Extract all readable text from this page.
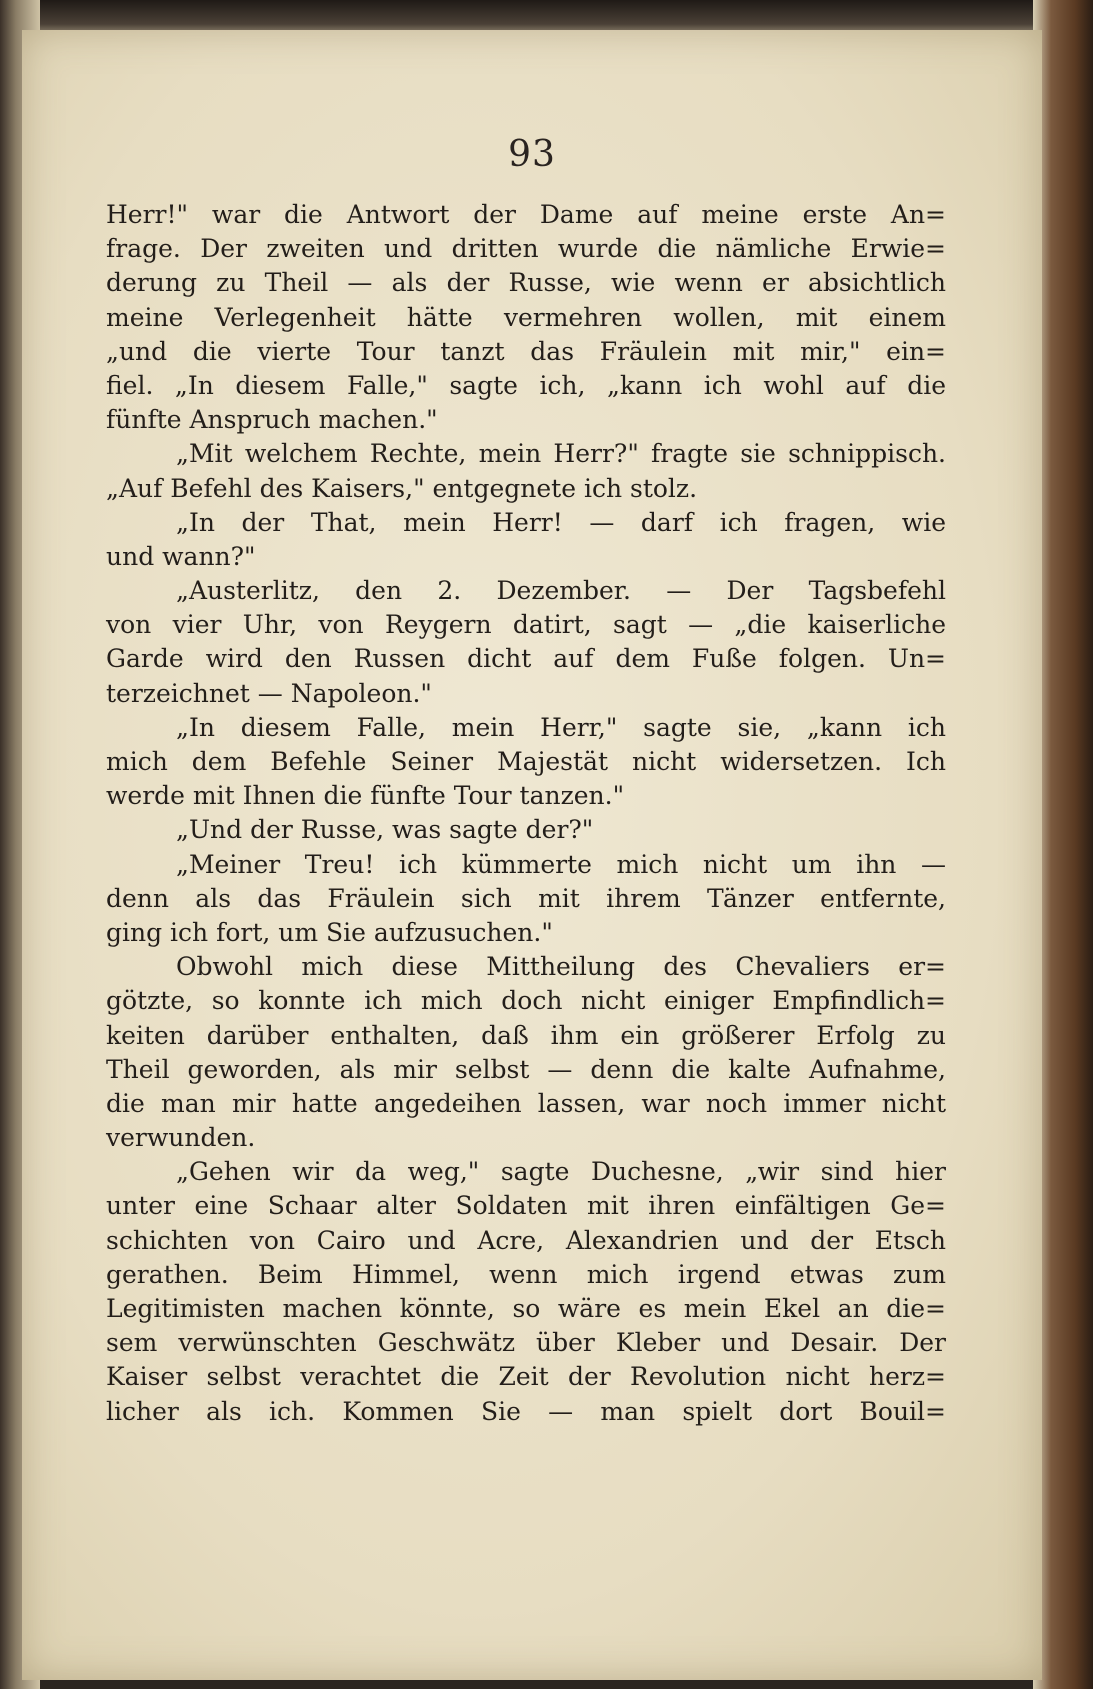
93
Herr!" war die Antwort der Dame auf meine erste An=
frage. Der zweiten und dritten wurde die nämliche Erwie=
derung zu Theil — als der Russe, wie wenn er absichtlich
meine Verlegenheit hätte vermehren wollen, mit einem
„und die vierte Tour tanzt das Fräulein mit mir," ein=
fiel. „In diesem Falle," sagte ich, „kann ich wohl auf die
fünfte Anspruch machen."
„Mit welchem Rechte, mein Herr?" fragte sie schnippisch.
„Auf Befehl des Kaisers," entgegnete ich stolz.
„In der That, mein Herr! — darf ich fragen, wie
und wann?"
„Austerlitz, den 2. Dezember. — Der Tagsbefehl
von vier Uhr, von Reygern datirt, sagt — „die kaiserliche
Garde wird den Russen dicht auf dem Fuße folgen. Un=
terzeichnet — Napoleon."
„In diesem Falle, mein Herr," sagte sie, „kann ich
mich dem Befehle Seiner Majestät nicht widersetzen. Ich
werde mit Ihnen die fünfte Tour tanzen."
„Und der Russe, was sagte der?"
„Meiner Treu! ich kümmerte mich nicht um ihn —
denn als das Fräulein sich mit ihrem Tänzer entfernte,
ging ich fort, um Sie aufzusuchen."
Obwohl mich diese Mittheilung des Chevaliers er=
götzte, so konnte ich mich doch nicht einiger Empfindlich=
keiten darüber enthalten, daß ihm ein größerer Erfolg zu
Theil geworden, als mir selbst — denn die kalte Aufnahme,
die man mir hatte angedeihen lassen, war noch immer nicht
verwunden.
„Gehen wir da weg," sagte Duchesne, „wir sind hier
unter eine Schaar alter Soldaten mit ihren einfältigen Ge=
schichten von Cairo und Acre, Alexandrien und der Etsch
gerathen. Beim Himmel, wenn mich irgend etwas zum
Legitimisten machen könnte, so wäre es mein Ekel an die=
sem verwünschten Geschwätz über Kleber und Desair. Der
Kaiser selbst verachtet die Zeit der Revolution nicht herz=
licher als ich. Kommen Sie — man spielt dort Bouil=
